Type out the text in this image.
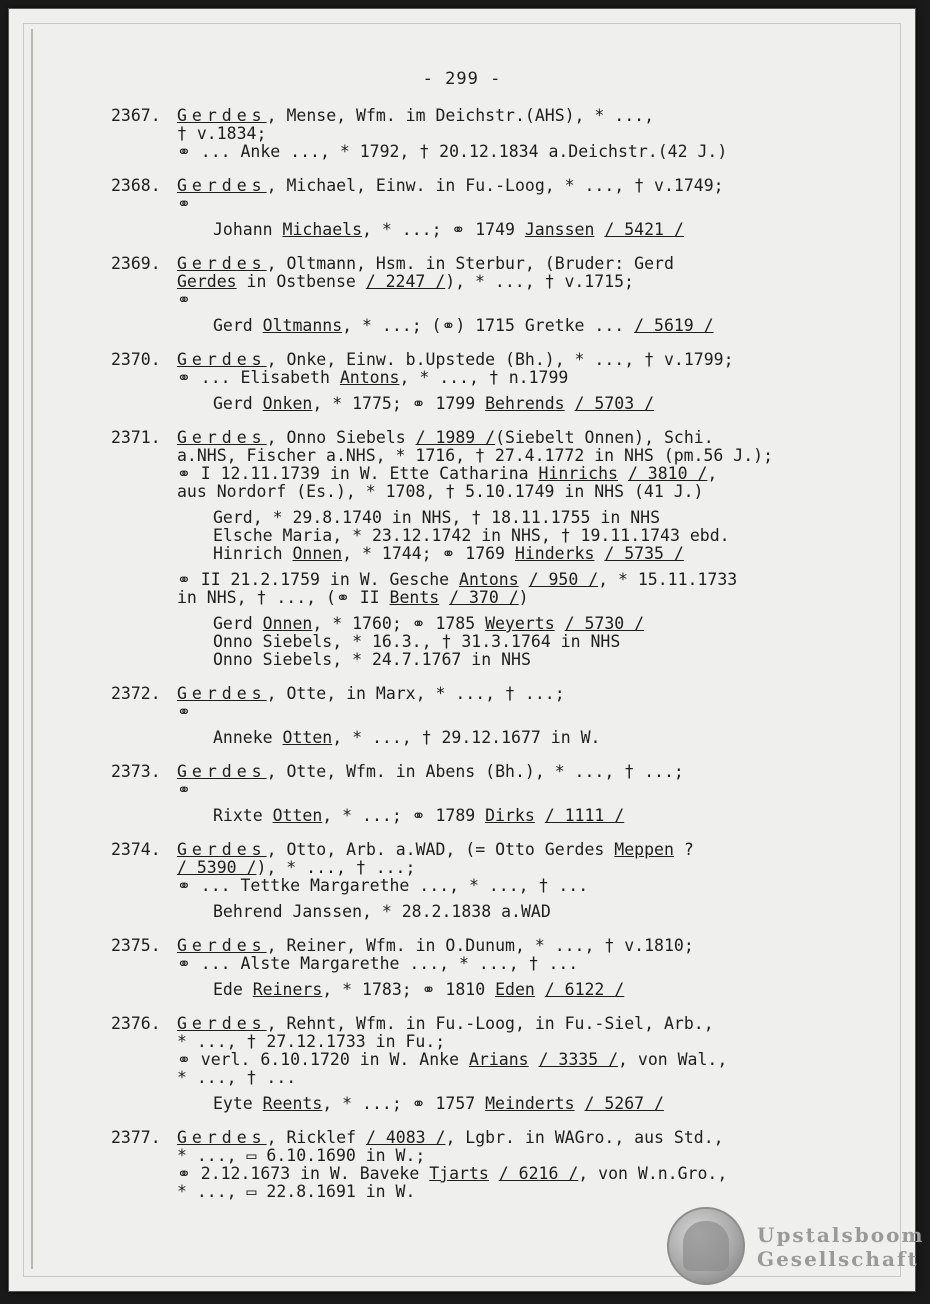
- 299 -
2367. Gerdes, Mense, Wfm. im Deichstr.(AHS), * ...,
† v.1834;
⚭ ... Anke ..., * 1792, † 20.12.1834 a.Deichstr.(42 J.)
2368. Gerdes, Michael, Einw. in Fu.-Loog, * ..., † v.1749;
⚭
Johann Michaels, * ...; ⚭ 1749 Janssen / 5421 /
2369. Gerdes, Oltmann, Hsm. in Sterbur, (Bruder: Gerd
Gerdes in Ostbense / 2247 /), * ..., † v.1715;
⚭
Gerd Oltmanns, * ...; (⚭) 1715 Gretke ... / 5619 /
2370. Gerdes, Onke, Einw. b.Upstede (Bh.), * ..., † v.1799;
⚭ ... Elisabeth Antons, * ..., † n.1799
Gerd Onken, * 1775; ⚭ 1799 Behrends / 5703 /
2371. Gerdes, Onno Siebels / 1989 /(Siebelt Onnen), Schi.
a.NHS, Fischer a.NHS, * 1716, † 27.4.1772 in NHS (pm.56 J.);
⚭ I 12.11.1739 in W. Ette Catharina Hinrichs / 3810 /,
aus Nordorf (Es.), * 1708, † 5.10.1749 in NHS (41 J.)
Gerd, * 29.8.1740 in NHS, † 18.11.1755 in NHS
Elsche Maria, * 23.12.1742 in NHS, † 19.11.1743 ebd.
Hinrich Onnen, * 1744; ⚭ 1769 Hinderks / 5735 /
⚭ II 21.2.1759 in W. Gesche Antons / 950 /, * 15.11.1733
in NHS, † ..., (⚭ II Bents / 370 /)
Gerd Onnen, * 1760; ⚭ 1785 Weyerts / 5730 /
Onno Siebels, * 16.3., † 31.3.1764 in NHS
Onno Siebels, * 24.7.1767 in NHS
2372. Gerdes, Otte, in Marx, * ..., † ...;
⚭
Anneke Otten, * ..., † 29.12.1677 in W.
2373. Gerdes, Otte, Wfm. in Abens (Bh.), * ..., † ...;
⚭
Rixte Otten, * ...; ⚭ 1789 Dirks / 1111 /
2374. Gerdes, Otto, Arb. a.WAD, (= Otto Gerdes Meppen ?
/ 5390 /), * ..., † ...;
⚭ ... Tettke Margarethe ..., * ..., † ...
Behrend Janssen, * 28.2.1838 a.WAD
2375. Gerdes, Reiner, Wfm. in O.Dunum, * ..., † v.1810;
⚭ ... Alste Margarethe ..., * ..., † ...
Ede Reiners, * 1783; ⚭ 1810 Eden / 6122 /
2376. Gerdes, Rehnt, Wfm. in Fu.-Loog, in Fu.-Siel, Arb.,
* ..., † 27.12.1733 in Fu.;
⚭ verl. 6.10.1720 in W. Anke Arians / 3335 /, von Wal.,
* ..., † ...
Eyte Reents, * ...; ⚭ 1757 Meinderts / 5267 /
2377. Gerdes, Ricklef / 4083 /, Lgbr. in WAGro., aus Std.,
* ..., ▭ 6.10.1690 in W.;
⚭ 2.12.1673 in W. Baveke Tjarts / 6216 /, von W.n.Gro.,
* ..., ▭ 22.8.1691 in W.
Upstalsboom
Gesellschaft
